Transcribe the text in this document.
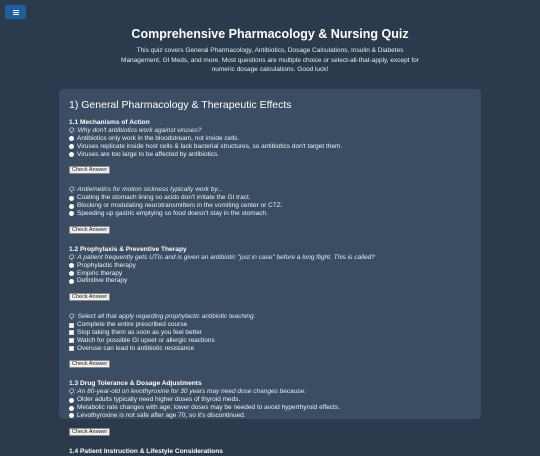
Comprehensive Pharmacology & Nursing Quiz

This quiz covers General Pharmacology, Antibiotics, Dosage Calculations, Insulin & Diabetes Management, GI Meds, and more. Most questions are multiple choice or select-all-that-apply, except for numeric dosage calculations. Good luck!

1) General Pharmacology & Therapeutic Effects

1.1 Mechanisms of Action

Q: Why don't antibiotics work against viruses?

Antibiotics only work in the bloodstream, not inside cells.
Viruses replicate inside host cells & lack bacterial structures, so antibiotics don't target them.
Viruses are too large to be affected by antibiotics.
Check Answer

Q: Antiemetics for motion sickness typically work by...

Coating the stomach lining so acids don't irritate the GI tract.
Blocking or modulating neurotransmitters in the vomiting center or CTZ.
Speeding up gastric emptying so food doesn't stay in the stomach.
Check Answer

1.2 Prophylaxis & Preventive Therapy

Q: A patient frequently gets UTIs and is given an antibiotic "just in case" before a long flight. This is called?

Prophylactic therapy
Empiric therapy
Definitive therapy
Check Answer

Q: Select all that apply regarding prophylactic antibiotic teaching:

Complete the entire prescribed course
Stop taking them as soon as you feel better
Watch for possible GI upset or allergic reactions
Overuse can lead to antibiotic resistance
Check Answer

1.3 Drug Tolerance & Dosage Adjustments

Q: An 80-year-old on levothyroxine for 30 years may need dose changes because:

Older adults typically need higher doses of thyroid meds.
Metabolic rate changes with age; lower doses may be needed to avoid hyperthyroid effects.
Levothyroxine is not safe after age 70, so it's discontinued.
Check Answer

1.4 Patient Instruction & Lifestyle Considerations
